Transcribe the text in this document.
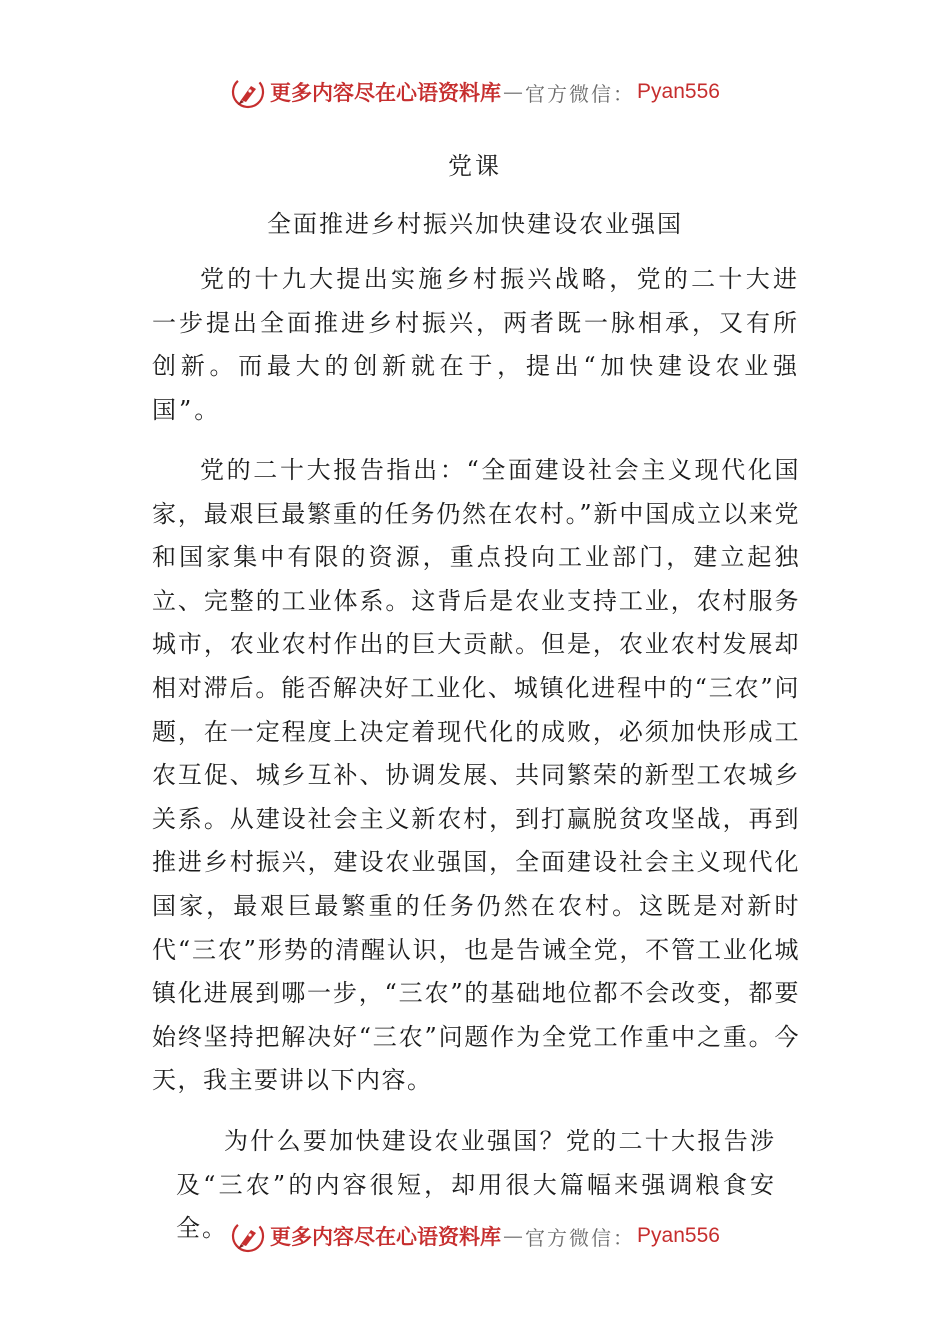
更多内容尽在心语资料库 — 官方微信： Pyan556
党课
全面推进乡村振兴加快建设农业强国

党的十九大提出实施乡村振兴战略，党的二十大进一步提出全面推进乡村振兴，两者既一脉相承，又有所创新。而最大的创新就在于，提出“加快建设农业强国”。

党的二十大报告指出：“全面建设社会主义现代化国家，最艰巨最繁重的任务仍然在农村。”新中国成立以来党和国家集中有限的资源，重点投向工业部门，建立起独立、完整的工业体系。这背后是农业支持工业，农村服务城市，农业农村作出的巨大贡献。但是，农业农村发展却相对滞后。能否解决好工业化、城镇化进程中的“三农”问题，在一定程度上决定着现代化的成败，必须加快形成工农互促、城乡互补、协调发展、共同繁荣的新型工农城乡关系。从建设社会主义新农村，到打赢脱贫攻坚战，再到推进乡村振兴，建设农业强国，全面建设社会主义现代化国家，最艰巨最繁重的任务仍然在农村。这既是对新时代“三农”形势的清醒认识，也是告诫全党，不管工业化城镇化进展到哪一步，“三农”的基础地位都不会改变，都要始终坚持把解决好“三农”问题作为全党工作重中之重。今天，我主要讲以下内容。

为什么要加快建设农业强国？党的二十大报告涉及“三农”的内容很短，却用很大篇幅来强调粮食安全。	更多内容尽在心语资料库 — 官方微信： Pyan556
